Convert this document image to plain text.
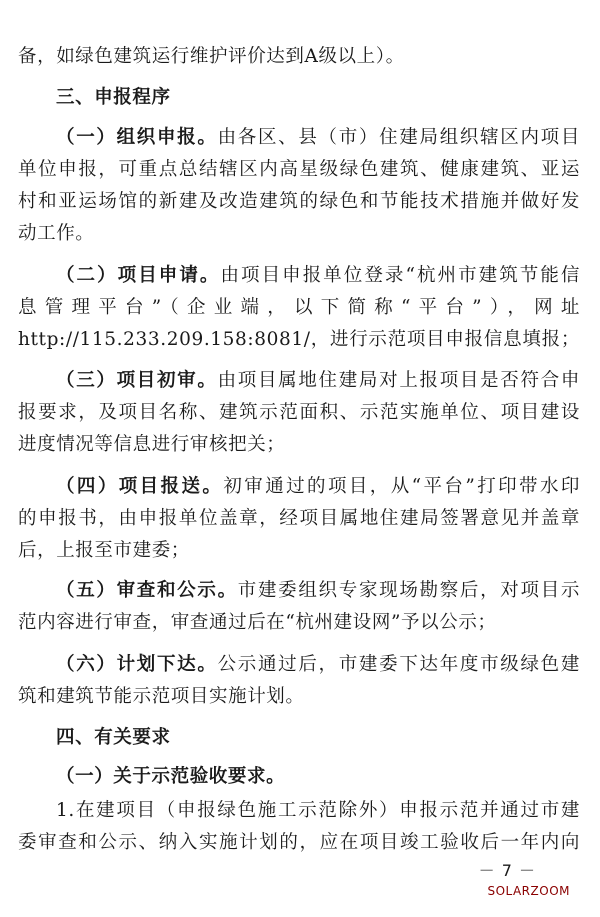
备，如绿色建筑运行维护评价达到A级以上）。
三、申报程序
（一）组织申报。由各区、县（市）住建局组织辖区内项目
单位申报，可重点总结辖区内高星级绿色建筑、健康建筑、亚运
村和亚运场馆的新建及改造建筑的绿色和节能技术措施并做好发
动工作。
（二）项目申请。由项目申报单位登录“杭州市建筑节能信
息管理平台”（企业端，以下简称“平台”），网址
http://115.233.209.158:8081/，进行示范项目申报信息填报；
（三）项目初审。由项目属地住建局对上报项目是否符合申
报要求，及项目名称、建筑示范面积、示范实施单位、项目建设
进度情况等信息进行审核把关；
（四）项目报送。初审通过的项目，从“平台”打印带水印
的申报书，由申报单位盖章，经项目属地住建局签署意见并盖章
后，上报至市建委；
（五）审查和公示。市建委组织专家现场勘察后，对项目示
范内容进行审查，审查通过后在“杭州建设网”予以公示；
（六）计划下达。公示通过后，市建委下达年度市级绿色建
筑和建筑节能示范项目实施计划。
四、有关要求
（一）关于示范验收要求。
1.在建项目（申报绿色施工示范除外）申报示范并通过市建
委审查和公示、纳入实施计划的，应在项目竣工验收后一年内向
－ 7 －
SOLARZOOM
